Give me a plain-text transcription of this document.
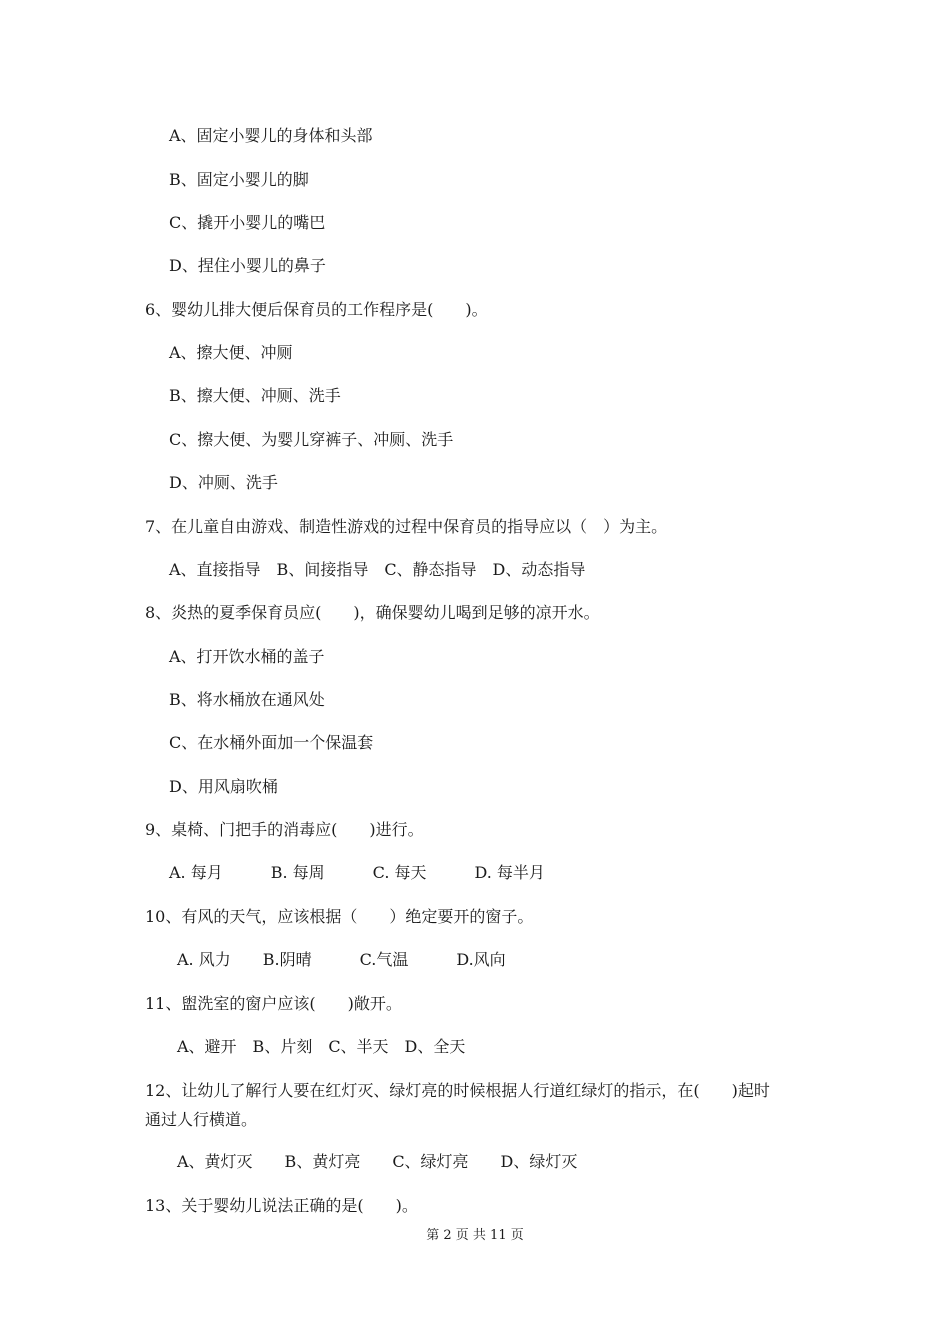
A、固定小婴儿的身体和头部

B、固定小婴儿的脚

C、撬开小婴儿的嘴巴

D、捏住小婴儿的鼻子

6、婴幼儿排大便后保育员的工作程序是(　　)。

A、擦大便、冲厕

B、擦大便、冲厕、洗手

C、擦大便、为婴儿穿裤子、冲厕、洗手

D、冲厕、洗手

7、在儿童自由游戏、制造性游戏的过程中保育员的指导应以（　）为主。

A、直接指导　B、间接指导　C、静态指导　D、动态指导

8、炎热的夏季保育员应(　　)，确保婴幼儿喝到足够的凉开水。

A、打开饮水桶的盖子

B、将水桶放在通风处

C、在水桶外面加一个保温套

D、用风扇吹桶

9、桌椅、门把手的消毒应(　　)进行。

A. 每月　　　B. 每周　　　C. 每天　　　D. 每半月

10、有风的天气，应该根据（　　）绝定要开的窗子。

A. 风力　　B.阴晴　　　C.气温　　　D.风向

11、盥洗室的窗户应该(　　)敞开。

A、避开　B、片刻　C、半天　D、全天

12、让幼儿了解行人要在红灯灭、绿灯亮的时候根据人行道红绿灯的指示，在(　　)起时

通过人行横道。

A、黄灯灭　　B、黄灯亮　　C、绿灯亮　　D、绿灯灭

13、关于婴幼儿说法正确的是(　　)。

第 2 页 共 11 页
